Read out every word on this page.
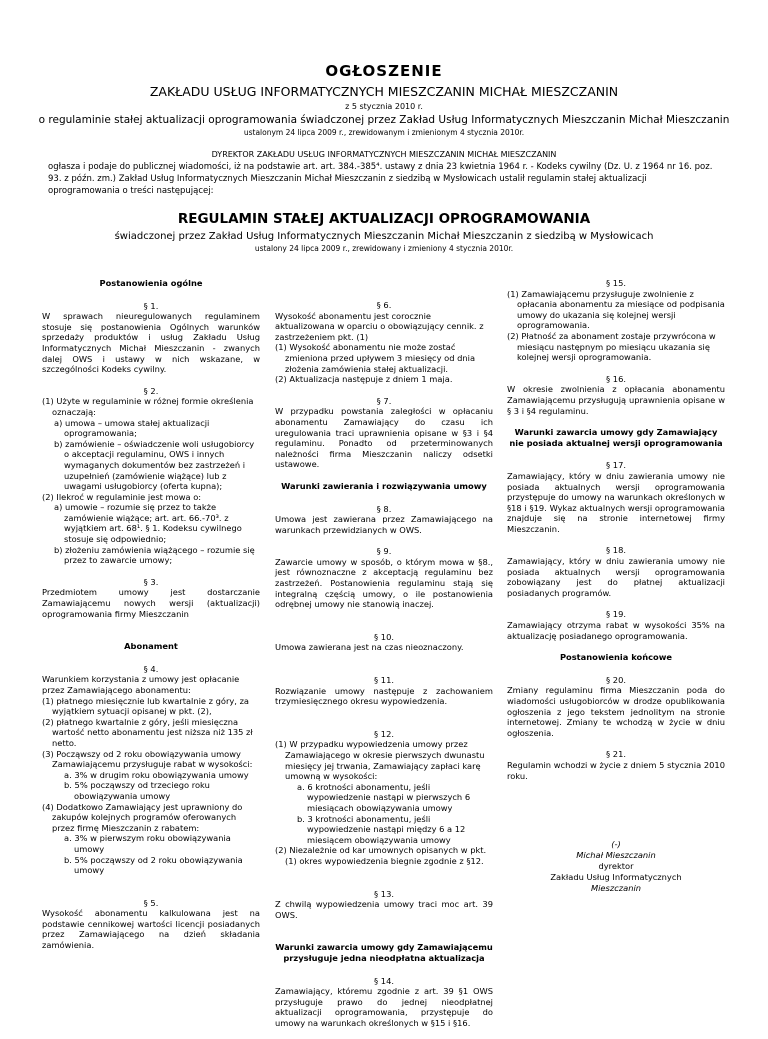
OGŁOSZENIE
ZAKŁADU USŁUG INFORMATYCZNYCH MIESZCZANIN MICHAŁ MIESZCZANIN
z 5 stycznia 2010 r.
o regulaminie stałej aktualizacji oprogramowania świadczonej przez Zakład Usług Informatycznych Mieszczanin Michał Mieszczanin
ustalonym 24 lipca 2009 r., zrewidowanym i zmienionym 4 stycznia 2010r.
DYREKTOR ZAKŁADU USŁUG INFORMATYCZNYCH MIESZCZANIN MICHAŁ MIESZCZANIN
ogłasza i podaje do publicznej wiadomości, iż na podstawie art. art. 384.-385⁴. ustawy z dnia 23 kwietnia 1964 r. - Kodeks cywilny (Dz. U. z 1964 nr 16. poz. 93. z późn. zm.) Zakład Usług Informatycznych Mieszczanin Michał Mieszczanin z siedzibą w Mysłowicach ustalił regulamin stałej aktualizacji oprogramowania o treści następującej:
REGULAMIN STAŁEJ AKTUALIZACJI OPROGRAMOWANIA
świadczonej przez Zakład Usług Informatycznych Mieszczanin Michał Mieszczanin z siedzibą w Mysłowicach
ustalony 24 lipca 2009 r., zrewidowany i zmieniony 4 stycznia 2010r.
Postanowienia ogólne

§ 1.

W sprawach nieuregulowanych regulaminem stosuje się postanowienia Ogólnych warunków sprzedaży produktów i usług Zakładu Usług Informatycznych Michał Mieszczanin - zwanych dalej OWS i ustawy w nich wskazane, w szczególności Kodeks cywilny.

§ 2.

(1) Użyte w regulaminie w różnej formie określenia oznaczają:

a) umowa – umowa stałej aktualizacji oprogramowania;

b) zamówienie – oświadczenie woli usługobiorcy o akceptacji regulaminu, OWS i innych wymaganych dokumentów bez zastrzeżeń i uzupełnień (zamówienie wiążące) lub z uwagami usługobiorcy (oferta kupna);

(2) Ilekroć w regulaminie jest mowa o:

a) umowie – rozumie się przez to także zamówienie wiążące; art. art. 66.-70³. z wyjątkiem art. 68¹. § 1. Kodeksu cywilnego stosuje się odpowiednio;

b) złożeniu zamówienia wiążącego – rozumie się przez to zawarcie umowy;

§ 3.

Przedmiotem umowy jest dostarczanie Zamawiającemu nowych wersji (aktualizacji) oprogramowania firmy Mieszczanin

Abonament

§ 4.

Warunkiem korzystania z umowy jest opłacanie przez Zamawiającego abonamentu:

(1) płatnego miesięcznie lub kwartalnie z góry, za wyjątkiem sytuacji opisanej w pkt. (2),

(2) płatnego kwartalnie z góry, jeśli miesięczna wartość netto abonamentu jest niższa niż 135 zł netto.

(3) Począwszy od 2 roku obowiązywania umowy Zamawiającemu przysługuje rabat w wysokości:

a. 3% w drugim roku obowiązywania umowy

b. 5% począwszy od trzeciego roku obowiązywania umowy

(4) Dodatkowo Zamawiający jest uprawniony do zakupów kolejnych programów oferowanych przez firmę Mieszczanin z rabatem:

a. 3% w pierwszym roku obowiązywania umowy

b. 5% począwszy od 2 roku obowiązywania umowy

§ 5.

Wysokość abonamentu kalkulowana jest na podstawie cennikowej wartości licencji posiadanych przez Zamawiającego na dzień składania zamówienia.

§ 6.

Wysokość abonamentu jest corocznie aktualizowana w oparciu o obowiązujący cennik. z zastrzeżeniem pkt. (1)

(1) Wysokość abonamentu nie może zostać zmieniona przed upływem 3 miesięcy od dnia złożenia zamówienia stałej aktualizacji.

(2) Aktualizacja następuje z dniem 1 maja.

§ 7.

W przypadku powstania zaległości w opłacaniu abonamentu Zamawiający do czasu ich uregulowania traci uprawnienia opisane w §3 i §4 regulaminu. Ponadto od przeterminowanych należności firma Mieszczanin naliczy odsetki ustawowe.

Warunki zawierania i rozwiązywania umowy

§ 8.

Umowa jest zawierana przez Zamawiającego na warunkach przewidzianych w OWS.

§ 9.

Zawarcie umowy w sposób, o którym mowa w §8., jest równoznaczne z akceptacją regulaminu bez zastrzeżeń. Postanowienia regulaminu stają się integralną częścią umowy, o ile postanowienia odrębnej umowy nie stanowią inaczej.

§ 10.

Umowa zawierana jest na czas nieoznaczony.

§ 11.

Rozwiązanie umowy następuje z zachowaniem trzymiesięcznego okresu wypowiedzenia.

§ 12.

(1) W przypadku wypowiedzenia umowy przez Zamawiającego w okresie pierwszych dwunastu miesięcy jej trwania, Zamawiający zapłaci karę umowną w wysokości:

a. 6 krotności abonamentu, jeśli wypowiedzenie nastąpi w pierwszych 6 miesiącach obowiązywania umowy

b. 3 krotności abonamentu, jeśli wypowiedzenie nastąpi między 6 a 12 miesiącem obowiązywania umowy

(2) Niezależnie od kar umownych opisanych w pkt. (1) okres wypowiedzenia biegnie zgodnie z §12.

§ 13.

Z chwilą wypowiedzenia umowy traci moc art. 39 OWS.

Warunki zawarcia umowy gdy Zamawiającemu przysługuje jedna nieodpłatna aktualizacja

§ 14.

Zamawiający, któremu zgodnie z art. 39 §1 OWS przysługuje prawo do jednej nieodpłatnej aktualizacji oprogramowania, przystępuje do umowy na warunkach określonych w §15 i §16.

§ 15.

(1) Zamawiającemu przysługuje zwolnienie z opłacania abonamentu za miesiące od podpisania umowy do ukazania się kolejnej wersji oprogramowania.

(2) Płatność za abonament zostaje przywrócona w miesiącu następnym po miesiącu ukazania się kolejnej wersji oprogramowania.

§ 16.

W okresie zwolnienia z opłacania abonamentu Zamawiającemu przysługują uprawnienia opisane w § 3 i §4 regulaminu.

Warunki zawarcia umowy gdy Zamawiający nie posiada aktualnej wersji oprogramowania

§ 17.

Zamawiający, który w dniu zawierania umowy nie posiada aktualnych wersji oprogramowania przystępuje do umowy na warunkach określonych w §18 i §19. Wykaz aktualnych wersji oprogramowania znajduje się na stronie internetowej firmy Mieszczanin.

§ 18.

Zamawiający, który w dniu zawierania umowy nie posiada aktualnych wersji oprogramowania zobowiązany jest do płatnej aktualizacji posiadanych programów.

§ 19.

Zamawiający otrzyma rabat w wysokości 35% na aktualizację posiadanego oprogramowania.

Postanowienia końcowe

§ 20.

Zmiany regulaminu firma Mieszczanin poda do wiadomości usługobiorców w drodze opublikowania ogłoszenia z jego tekstem jednolitym na stronie internetowej. Zmiany te wchodzą w życie w dniu ogłoszenia.

§ 21.

Regulamin wchodzi w życie z dniem 5 stycznia 2010 roku.

(-)
Michał Mieszczanin
dyrektor
Zakładu Usług Informatycznych
Mieszczanin
